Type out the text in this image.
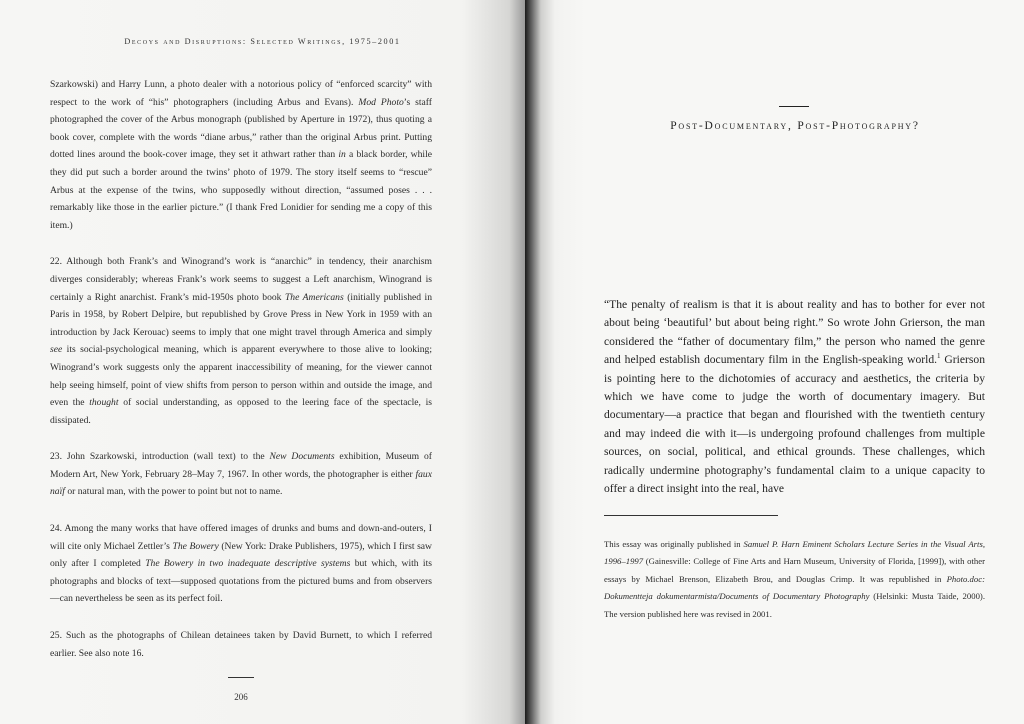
Decoys and Disruptions: Selected Writings, 1975–2001

Szarkowski) and Harry Lunn, a photo dealer with a notorious policy of “enforced scarcity” with respect to the work of “his” photographers (including Arbus and Evans). Mod Photo’s staff photographed the cover of the Arbus monograph (published by Aperture in 1972), thus quoting a book cover, complete with the words “diane arbus,” rather than the original Arbus print. Putting dotted lines around the book-cover image, they set it athwart rather than in a black border, while they did put such a border around the twins’ photo of 1979. The story itself seems to “rescue” Arbus at the expense of the twins, who supposedly without direction, “assumed poses . . . remarkably like those in the earlier picture.” (I thank Fred Lonidier for sending me a copy of this item.)

22. Although both Frank’s and Winogrand’s work is “anarchic” in tendency, their anarchism diverges considerably; whereas Frank’s work seems to suggest a Left anarchism, Winogrand is certainly a Right anarchist. Frank’s mid-1950s photo book The Americans (initially published in Paris in 1958, by Robert Delpire, but republished by Grove Press in New York in 1959 with an introduction by Jack Kerouac) seems to imply that one might travel through America and simply see its social-psychological meaning, which is apparent everywhere to those alive to looking; Winogrand’s work suggests only the apparent inaccessibility of meaning, for the viewer cannot help seeing himself, point of view shifts from person to person within and outside the image, and even the thought of social understanding, as opposed to the leering face of the spectacle, is dissipated.

23. John Szarkowski, introduction (wall text) to the New Documents exhibition, Museum of Modern Art, New York, February 28–May 7, 1967. In other words, the photographer is either faux naïf or natural man, with the power to point but not to name.

24. Among the many works that have offered images of drunks and bums and down-and-outers, I will cite only Michael Zettler’s The Bowery (New York: Drake Publishers, 1975), which I first saw only after I completed The Bowery in two inadequate descriptive systems but which, with its photographs and blocks of text—supposed quotations from the pictured bums and from observers—can nevertheless be seen as its perfect foil.

25. Such as the photographs of Chilean detainees taken by David Burnett, to which I referred earlier. See also note 16.

206
Post-Documentary, Post-Photography?

“The penalty of realism is that it is about reality and has to bother for ever not about being ‘beautiful’ but about being right.” So wrote John Grierson, the man considered the “father of documentary film,” the person who named the genre and helped establish documentary film in the English-speaking world.$^1$ Grierson is pointing here to the dichotomies of accuracy and aesthetics, the criteria by which we have come to judge the worth of documentary imagery. But documentary—a practice that began and flourished with the twentieth century and may indeed die with it—is undergoing profound challenges from multiple sources, on social, political, and ethical grounds. These challenges, which radically undermine photography’s fundamental claim to a unique capacity to offer a direct insight into the real, have

This essay was originally published in Samuel P. Harn Eminent Scholars Lecture Series in the Visual Arts, 1996–1997 (Gainesville: College of Fine Arts and Harn Museum, University of Florida, [1999]), with other essays by Michael Brenson, Elizabeth Brou, and Douglas Crimp. It was republished in Photo.doc: Dokumentteja dokumentarmista/Documents of Documentary Photography (Helsinki: Musta Taide, 2000). The version published here was revised in 2001.
